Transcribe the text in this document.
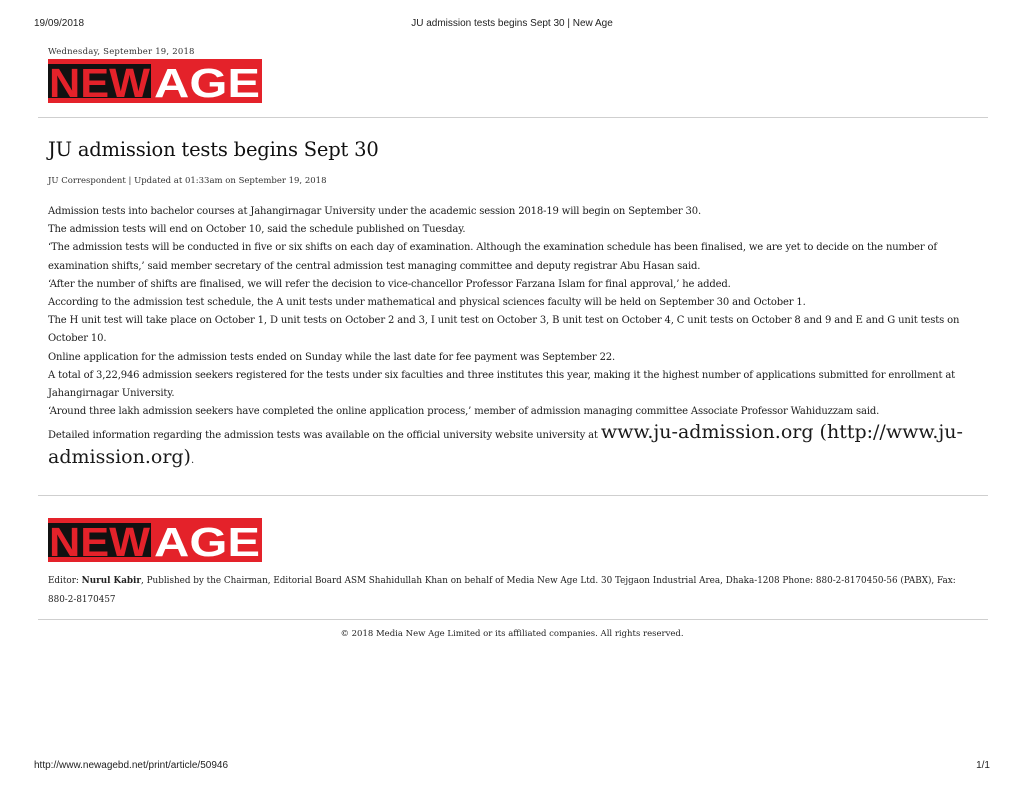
19/09/2018	JU admission tests begins Sept 30 | New Age
Wednesday, September 19, 2018
NEW AGE
JU admission tests begins Sept 30
JU Correspondent | Updated at 01:33am on September 19, 2018

Admission tests into bachelor courses at Jahangirnagar University under the academic session 2018-19 will begin on September 30.

The admission tests will end on October 10, said the schedule published on Tuesday.

‘The admission tests will be conducted in five or six shifts on each day of examination. Although the examination schedule has been finalised, we are yet to decide on the number of examination shifts,’ said member secretary of the central admission test managing committee and deputy registrar Abu Hasan said.

‘After the number of shifts are finalised, we will refer the decision to vice-chancellor Professor Farzana Islam for final approval,’ he added.

According to the admission test schedule, the A unit tests under mathematical and physical sciences faculty will be held on September 30 and October 1.

The H unit test will take place on October 1, D unit tests on October 2 and 3, I unit test on October 3, B unit test on October 4, C unit tests on October 8 and 9 and E and G unit tests on October 10.

Online application for the admission tests ended on Sunday while the last date for fee payment was September 22.

A total of 3,22,946 admission seekers registered for the tests under six faculties and three institutes this year, making it the highest number of applications submitted for enrollment at Jahangirnagar University.

‘Around three lakh admission seekers have completed the online application process,’ member of admission managing committee Associate Professor Wahiduzzam said.

Detailed information regarding the admission tests was available on the official university website university at www.ju-admission.org (http://www.ju-admission.org).

NEW AGE
Editor: Nurul Kabir, Published by the Chairman, Editorial Board ASM Shahidullah Khan on behalf of Media New Age Ltd. 30 Tejgaon Industrial Area, Dhaka-1208 Phone: 880-2-8170450-56 (PABX), Fax: 880-2-8170457
© 2018 Media New Age Limited or its affiliated companies. All rights reserved.
http://www.newagebd.net/print/article/50946	1/1
